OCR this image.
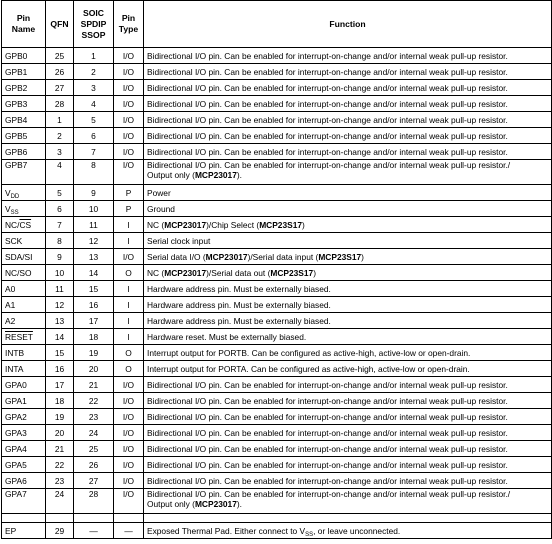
Pin Name	QFN	SOIC SPDIP SSOP	Pin Type	Function
GPB0	25	1	I/O	Bidirectional I/O pin. Can be enabled for interrupt-on-change and/or internal weak pull-up resistor.
GPB1	26	2	I/O	Bidirectional I/O pin. Can be enabled for interrupt-on-change and/or internal weak pull-up resistor.
GPB2	27	3	I/O	Bidirectional I/O pin. Can be enabled for interrupt-on-change and/or internal weak pull-up resistor.
GPB3	28	4	I/O	Bidirectional I/O pin. Can be enabled for interrupt-on-change and/or internal weak pull-up resistor.
GPB4	1	5	I/O	Bidirectional I/O pin. Can be enabled for interrupt-on-change and/or internal weak pull-up resistor.
GPB5	2	6	I/O	Bidirectional I/O pin. Can be enabled for interrupt-on-change and/or internal weak pull-up resistor.
GPB6	3	7	I/O	Bidirectional I/O pin. Can be enabled for interrupt-on-change and/or internal weak pull-up resistor.
GPB7	4	8	I/O	Bidirectional I/O pin. Can be enabled for interrupt-on-change and/or internal weak pull-up resistor./
Output only (MCP23017).
$V_{DD}$	5	9	P	Power
$V_{SS}$	6	10	P	Ground
$NC/\overline{CS}$	7	11	I	NC (MCP23017)/Chip Select (MCP23S17)
SCK	8	12	I	Serial clock input
SDA/SI	9	13	I/O	Serial data I/O (MCP23017)/Serial data input (MCP23S17)
NC/SO	10	14	O	NC (MCP23017)/Serial data out (MCP23S17)
A0	11	15	I	Hardware address pin. Must be externally biased.
A1	12	16	I	Hardware address pin. Must be externally biased.
A2	13	17	I	Hardware address pin. Must be externally biased.
RESET	14	18	I	Hardware reset. Must be externally biased.
INTB	15	19	O	Interrupt output for PORTB. Can be configured as active-high, active-low or open-drain.
INTA	16	20	O	Interrupt output for PORTA. Can be configured as active-high, active-low or open-drain.
GPA0	17	21	I/O	Bidirectional I/O pin. Can be enabled for interrupt-on-change and/or internal weak pull-up resistor.
GPA1	18	22	I/O	Bidirectional I/O pin. Can be enabled for interrupt-on-change and/or internal weak pull-up resistor.
GPA2	19	23	I/O	Bidirectional I/O pin. Can be enabled for interrupt-on-change and/or internal weak pull-up resistor.
GPA3	20	24	I/O	Bidirectional I/O pin. Can be enabled for interrupt-on-change and/or internal weak pull-up resistor.
GPA4	21	25	I/O	Bidirectional I/O pin. Can be enabled for interrupt-on-change and/or internal weak pull-up resistor.
GPA5	22	26	I/O	Bidirectional I/O pin. Can be enabled for interrupt-on-change and/or internal weak pull-up resistor.
GPA6	23	27	I/O	Bidirectional I/O pin. Can be enabled for interrupt-on-change and/or internal weak pull-up resistor.
GPA7	24	28	I/O	Bidirectional I/O pin. Can be enabled for interrupt-on-change and/or internal weak pull-up resistor./
Output only (MCP23017).

EP	29	—	—	Exposed Thermal Pad. Either connect to $V_{SS}$, or leave unconnected.
